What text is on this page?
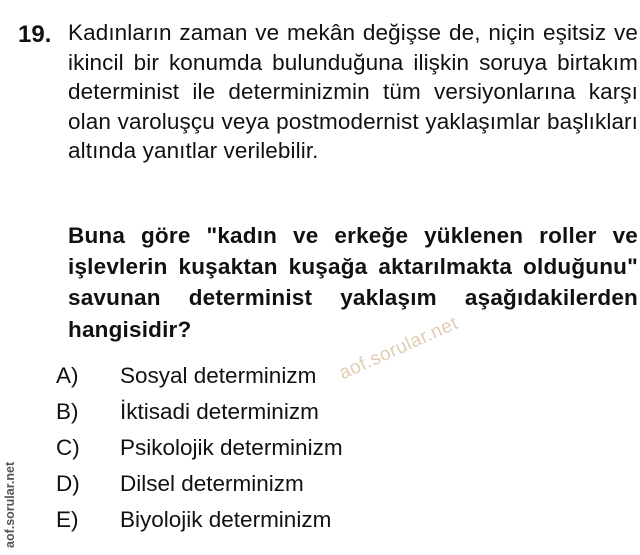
19. Kadınların zaman ve mekân değişse de, niçin eşitsiz ve ikincil bir konumda bulunduğuna ilişkin soruya birtakım determinist ile determinizmin tüm versiyonlarına karşı olan varoluşçu veya postmodernist yaklaşımlar başlıkları altında yanıtlar verilebilir.
Buna göre "kadın ve erkeğe yüklenen roller ve işlevlerin kuşaktan kuşağa aktarılmakta olduğunu" savunan determinist yaklaşım aşağıdakilerden hangisidir?
A) Sosyal determinizm
B) İktisadi determinizm
C) Psikolojik determinizm
D) Dilsel determinizm
E) Biyolojik determinizm
aof.sorular.net
aof.sorular.net
